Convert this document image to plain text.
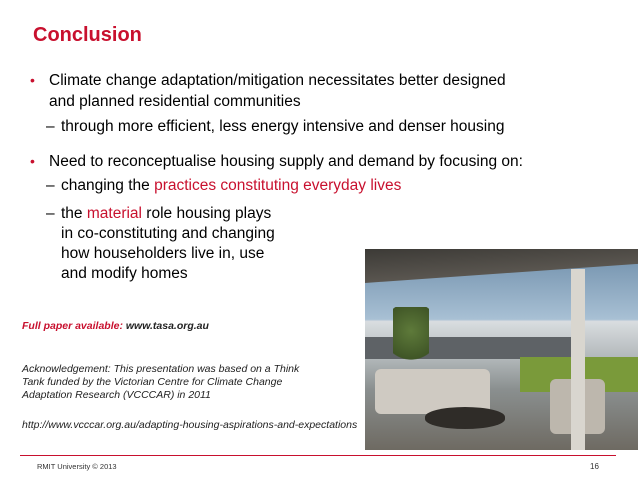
Conclusion
• Climate change adaptation/mitigation necessitates better designed
and planned residential communities
– through more efficient, less energy intensive and denser housing
• Need to reconceptualise housing supply and demand by focusing on:
– changing the practices constituting everyday lives
– the material role housing plays
in co-constituting and changing
how householders live in, use
and modify homes
Full paper available: www.tasa.org.au
Acknowledgement: This presentation was based on a Think
Tank funded by the Victorian Centre for Climate Change
Adaptation Research (VCCCAR) in 2011
http://www.vcccar.org.au/adapting-housing-aspirations-and-expectations
RMIT University © 2013	16
